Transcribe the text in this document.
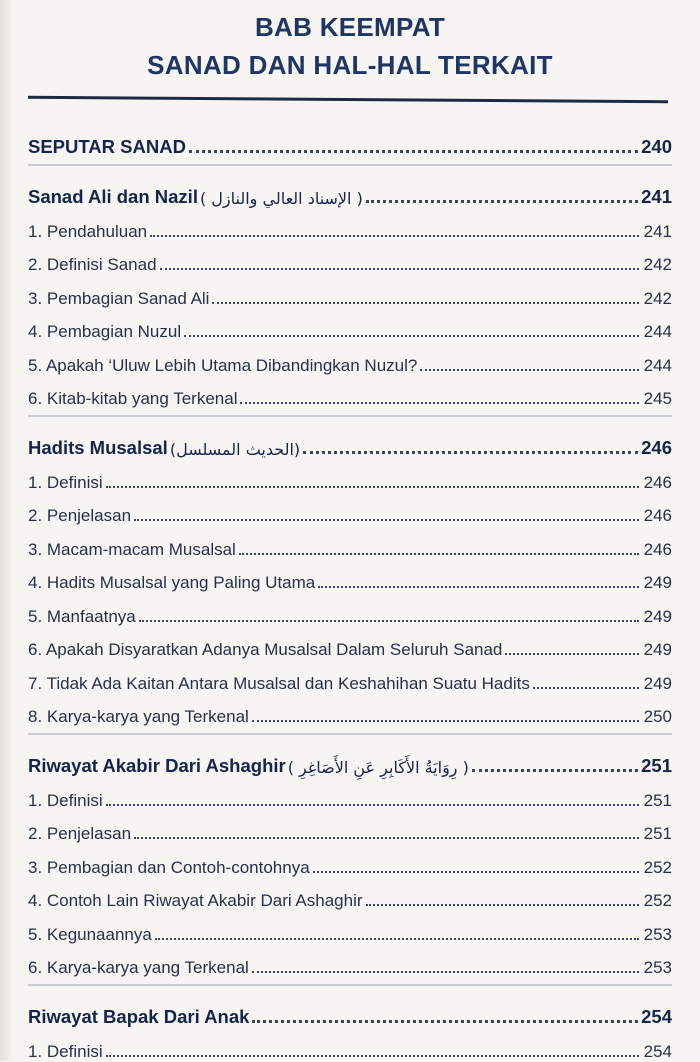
BAB KEEMPAT
SANAD DAN HAL-HAL TERKAIT
SEPUTAR SANAD	240
Sanad Ali dan Nazil ( الإسناد العالي والنازل )	241
1. Pendahuluan	241
2. Definisi Sanad	242
3. Pembagian Sanad Ali	242
4. Pembagian Nuzul	244
5. Apakah ‘Uluw Lebih Utama Dibandingkan Nuzul?	244
6. Kitab-kitab yang Terkenal	245
Hadits Musalsal (الحديث المسلسل)	246
1. Definisi	246
2. Penjelasan	246
3. Macam-macam Musalsal	246
4. Hadits Musalsal yang Paling Utama	249
5. Manfaatnya	249
6. Apakah Disyaratkan Adanya Musalsal Dalam Seluruh Sanad	249
7. Tidak Ada Kaitan Antara Musalsal dan Keshahihan Suatu Hadits	249
8. Karya-karya yang Terkenal	250
Riwayat Akabir Dari Ashaghir ( رِوَايَةُ الأَكَابِرِ عَنِ الأَصَاغِرِ )	251
1. Definisi	251
2. Penjelasan	251
3. Pembagian dan Contoh-contohnya	252
4. Contoh Lain Riwayat Akabir Dari Ashaghir	252
5. Kegunaannya	253
6. Karya-karya yang Terkenal	253
Riwayat Bapak Dari Anak	254
1. Definisi	254
